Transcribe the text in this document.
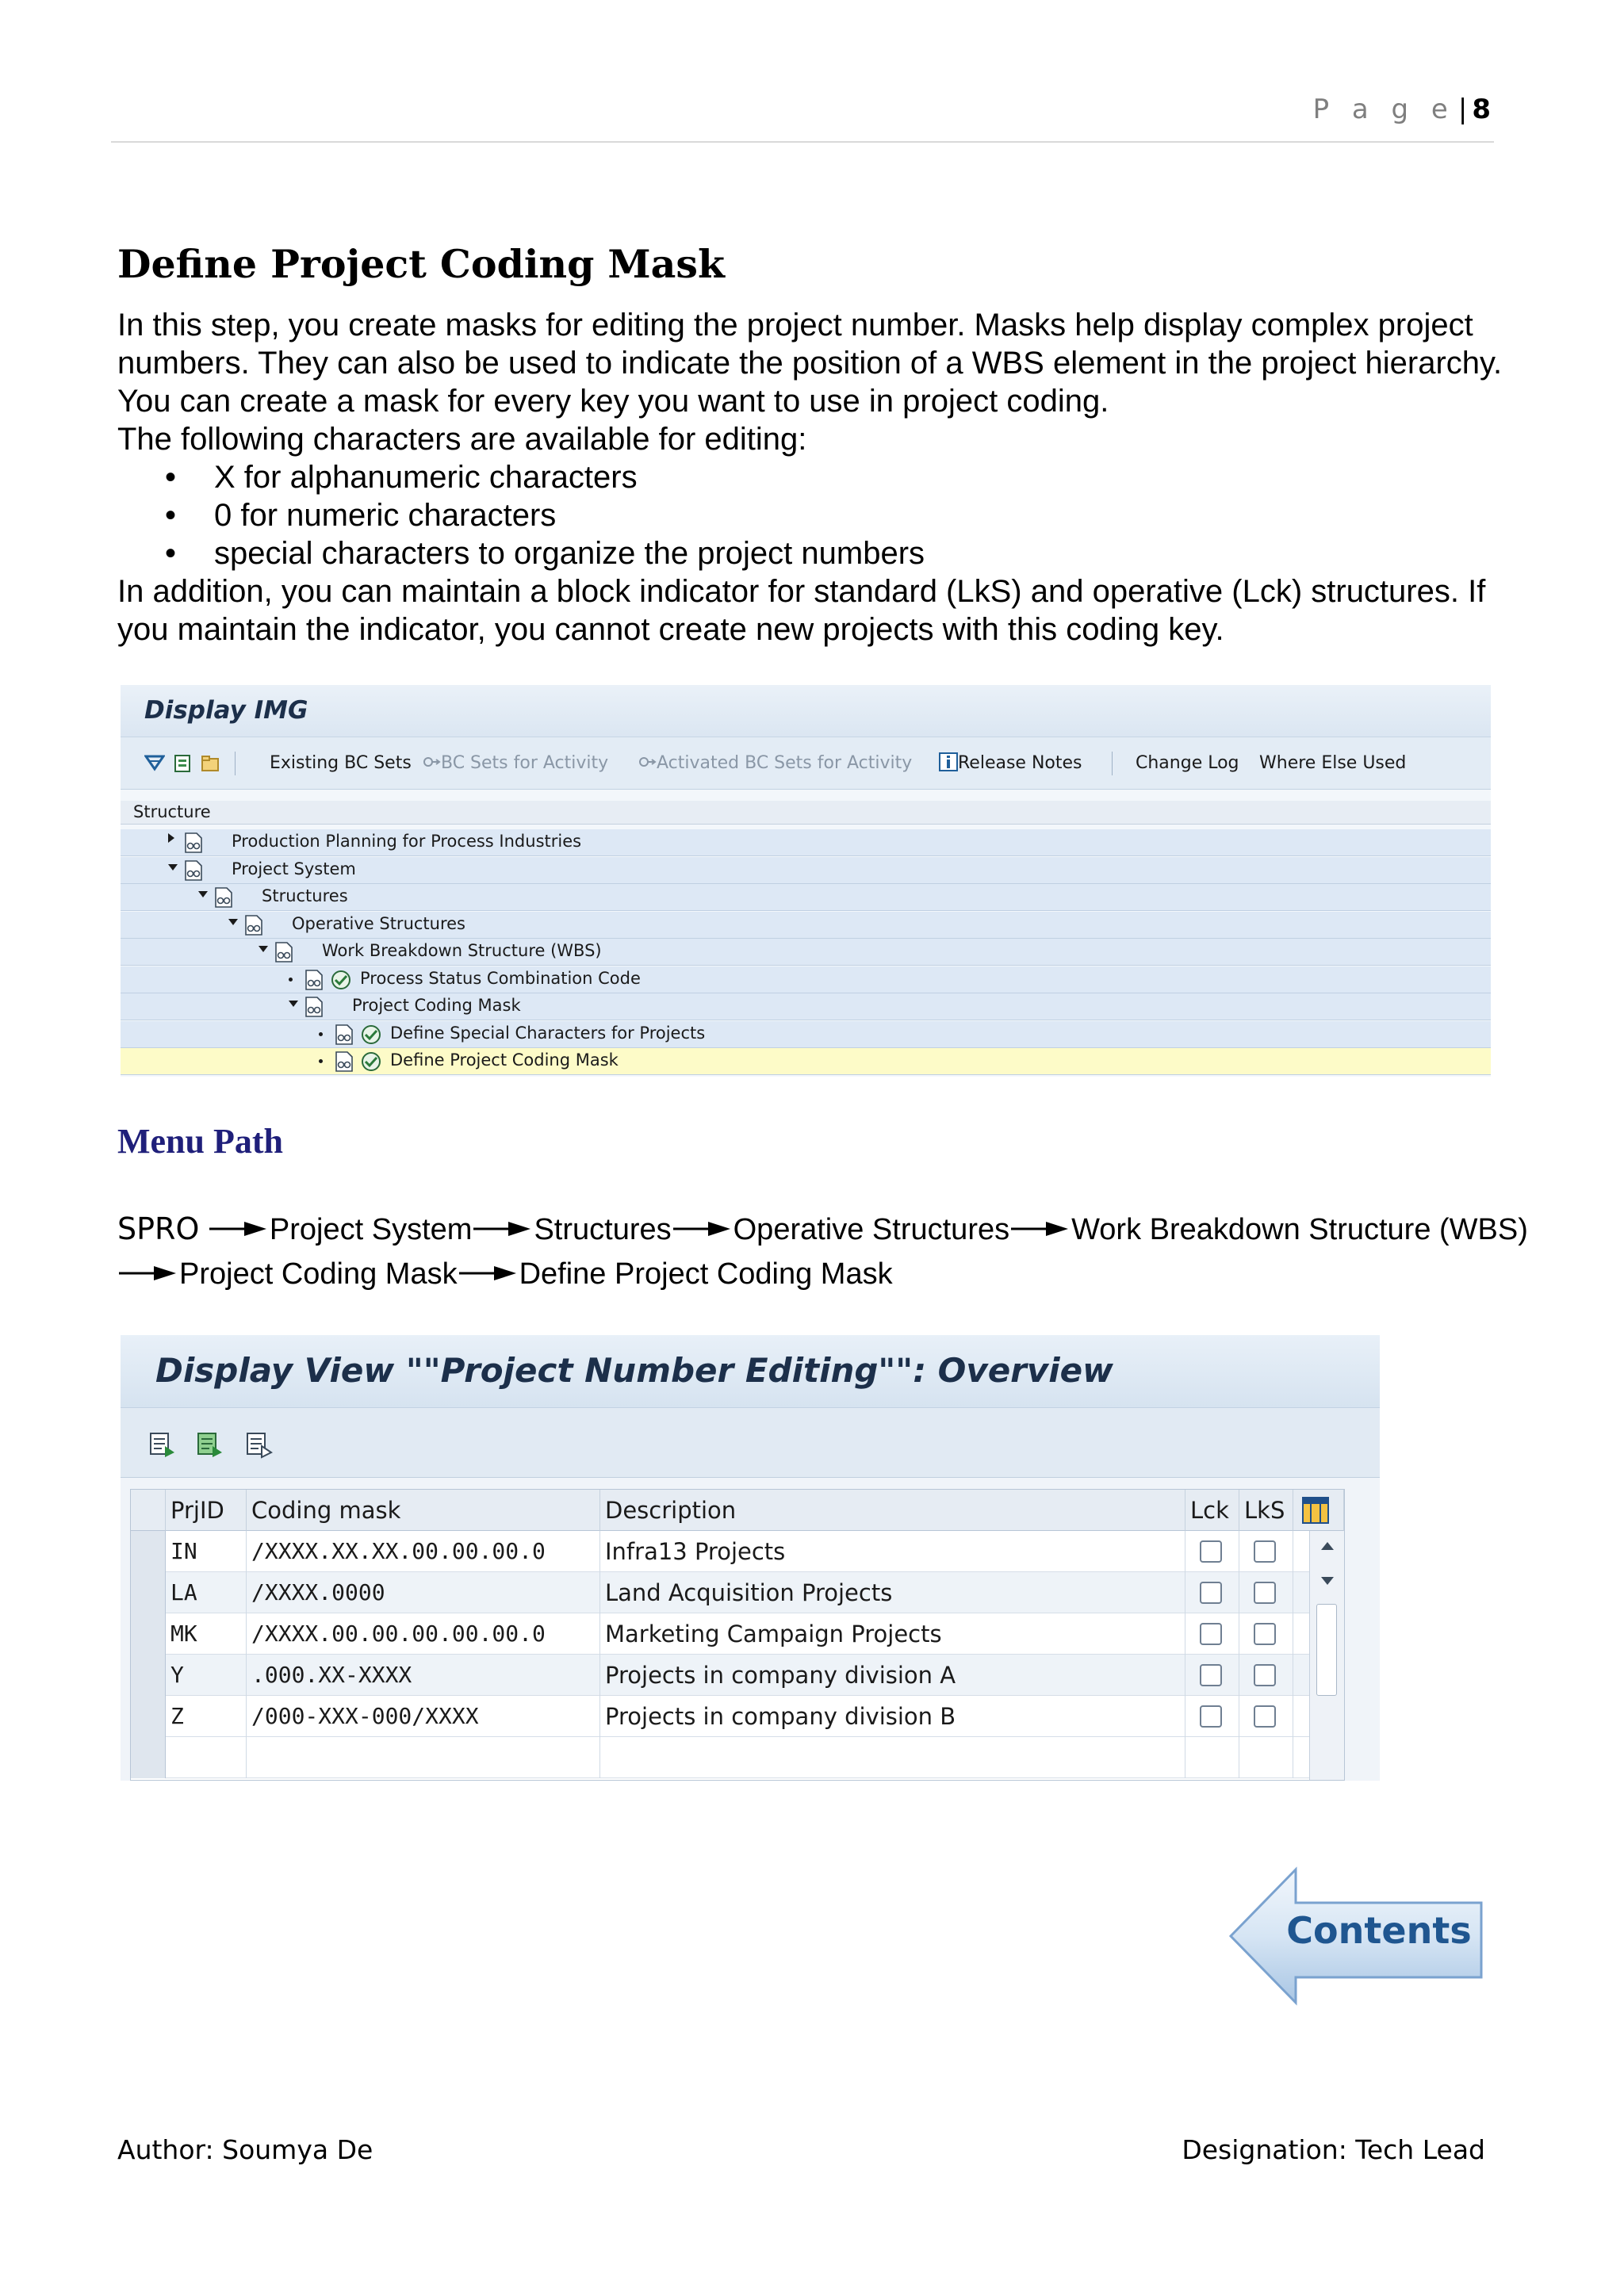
P a g e | 8
Define Project Coding Mask

In this step, you create masks for editing the project number. Masks help display complex project numbers. They can also be used to indicate the position of a WBS element in the project hierarchy.

You can create a mask for every key you want to use in project coding.

The following characters are available for editing:

• X for alphanumeric characters
• 0 for numeric characters
• special characters to organize the project numbers

In addition, you can maintain a block indicator for standard (LkS) and operative (Lck) structures. If you maintain the indicator, you cannot create new projects with this coding key.

Display IMG
Existing BC Sets	BC Sets for Activity	Activated BC Sets for Activity	Release Notes	Change Log Where Else Used
Structure
Production Planning for Process Industries
Project System
Structures
Operative Structures
Work Breakdown Structure (WBS)
Process Status Combination Code
Project Coding Mask
Define Special Characters for Projects
Define Project Coding Mask
Menu Path
SPRO Project System Structures Operative Structures Work Breakdown Structure (WBS)Project Coding Mask Define Project Coding Mask
Display View ""Project Number Editing"": Overview
PrjID	Coding mask	Description	Lck LkS
IN	/XXXX.XX.XX.00.00.00.0	Infra13 Projects
LA	/XXXX.0000	Land Acquisition Projects
MK	/XXXX.00.00.00.00.00.0	Marketing Campaign Projects
Y	.000.XX-XXXX	Projects in company division A
Z	/000-XXX-000/XXXX	Projects in company division B
Contents
Author: Soumya De	Designation: Tech Lead
